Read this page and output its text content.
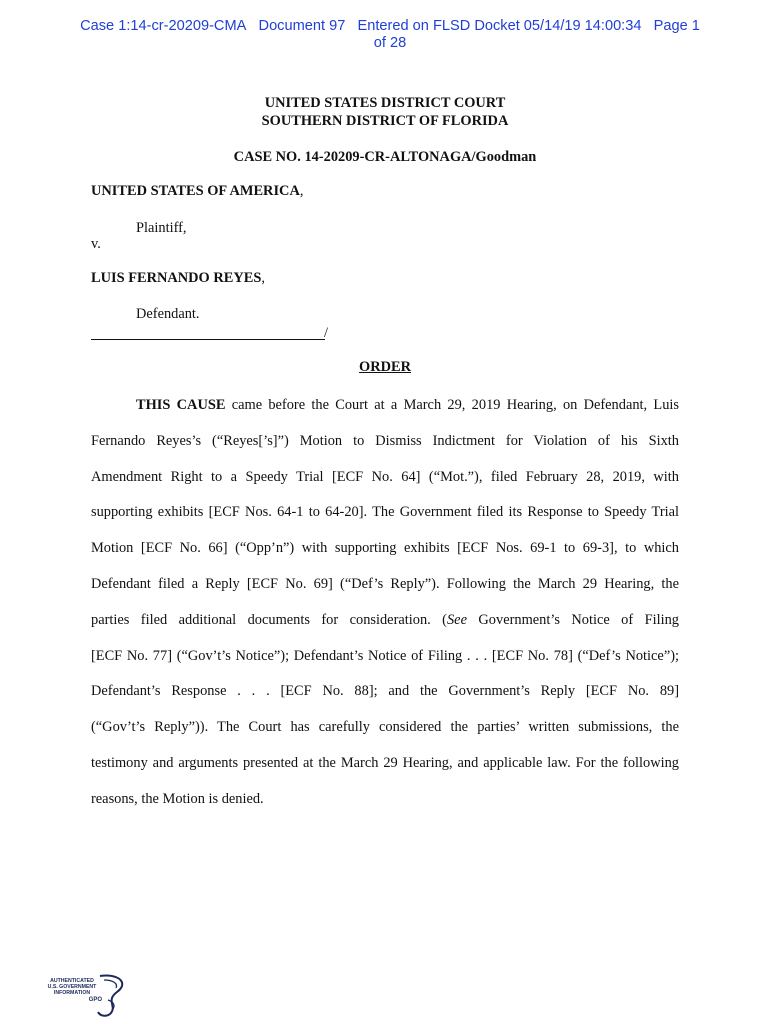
Case 1:14-cr-20209-CMA Document 97 Entered on FLSD Docket 05/14/19 14:00:34 Page 1
of 28
UNITED STATES DISTRICT COURT
SOUTHERN DISTRICT OF FLORIDA
CASE NO. 14-20209-CR-ALTONAGA/Goodman
UNITED STATES OF AMERICA,
Plaintiff,
v.
LUIS FERNANDO REYES,
Defendant.
/
ORDER
THIS CAUSE came before the Court at a March 29, 2019 Hearing, on Defendant, Luis
Fernando Reyes’s (“Reyes[’s]”) Motion to Dismiss Indictment for Violation of his Sixth
Amendment Right to a Speedy Trial [ECF No. 64] (“Mot.”), filed February 28, 2019, with
supporting exhibits [ECF Nos. 64-1 to 64-20]. The Government filed its Response to Speedy Trial
Motion [ECF No. 66] (“Opp’n”) with supporting exhibits [ECF Nos. 69-1 to 69-3], to which
Defendant filed a Reply [ECF No. 69] (“Def’s Reply”). Following the March 29 Hearing, the
parties filed additional documents for consideration. (See Government’s Notice of Filing
[ECF No. 77] (“Gov’t’s Notice”); Defendant’s Notice of Filing . . . [ECF No. 78] (“Def’s Notice”);
Defendant’s Response . . . [ECF No. 88]; and the Government’s Reply [ECF No. 89]
(“Gov’t’s Reply”)). The Court has carefully considered the parties’ written submissions, the
testimony and arguments presented at the March 29 Hearing, and applicable law. For the following
reasons, the Motion is denied.
AUTHENTICATED
U.S. GOVERNMENT
INFORMATION
GPO
